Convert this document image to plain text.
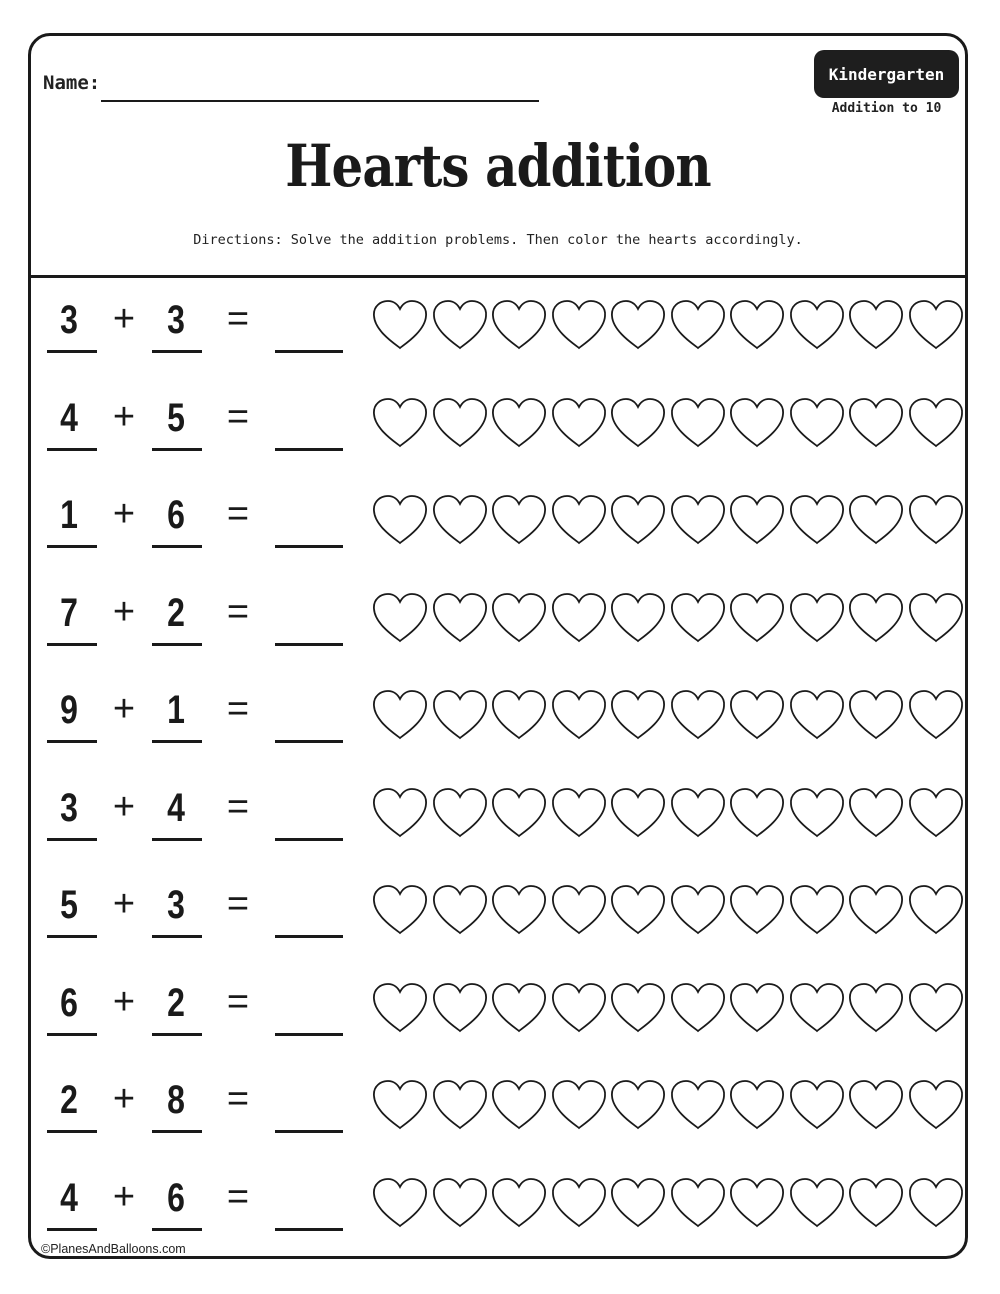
Name:	Kindergarten
Addition to 10
Hearts addition
Directions: Solve the addition problems. Then color the hearts accordingly.
3 + 3 =
4 + 5 =
1 + 6 =
7 + 2 =
9 + 1 =
3 + 4 =
5 + 3 =
6 + 2 =
2 + 8 =
4 + 6 =
©PlanesAndBalloons.com
